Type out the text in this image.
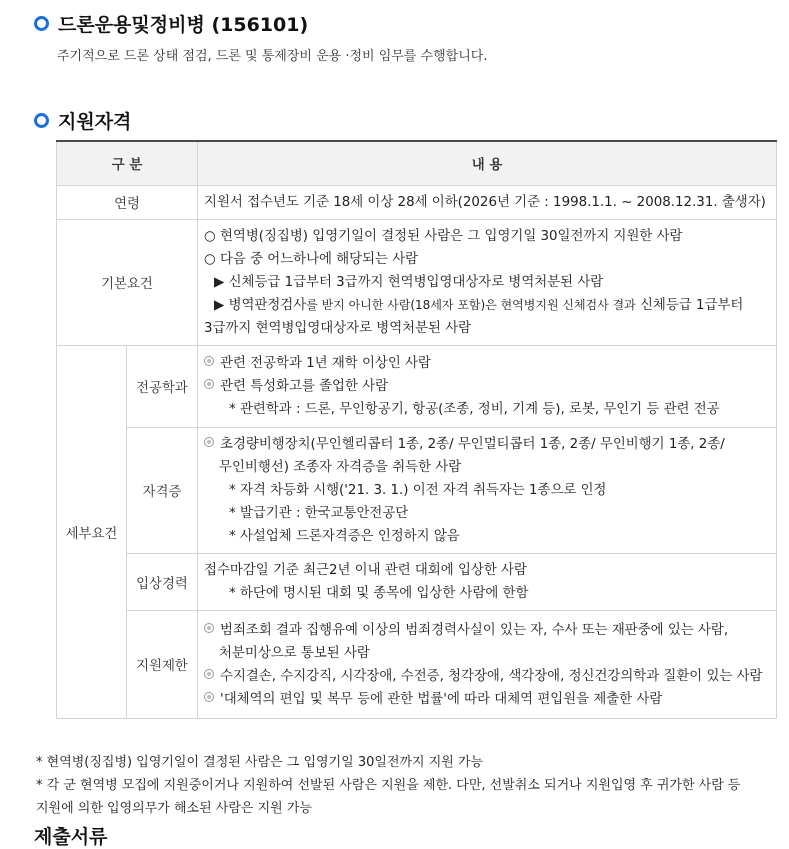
드론운용및정비병 (156101)
주기적으로 드론 상태 점검, 드론 및 통제장비 운용 ·정비 임무를 수행합니다.
지원자격
구 분		내 용
연령		지원서 접수년도 기준 18세 이상 28세 이하(2026년 기준 : 1998.1.1. ~ 2008.12.31. 출생자)

기본요건		○ 현역병(징집병) 입영기일이 결정된 사람은 그 입영기일 30일전까지 지원한 사람
○ 다음 중 어느하나에 해당되는 사람
▶ 신체등급 1급부터 3급까지 현역병입영대상자로 병역처분된 사람
▶ 병역판정검사를 받지 아니한 사람(18세자 포함)은 현역병지원 신체검사 결과 신체등급 1급부터
3급까지 현역병입영대상자로 병역처분된 사람

세부요건	전공학과	관련 전공학과 1년 재학 이상인 사람
관련 특성화고를 졸업한 사람
* 관련학과 : 드론, 무인항공기, 항공(조종, 정비, 기계 등), 로봇, 무인기 등 관련 전공

	자격증	초경량비행장치(무인헬리콥터 1종, 2종/ 무인멀티콥터 1종, 2종/ 무인비행기 1종, 2종/
무인비행선) 조종자 자격증을 취득한 사람
* 자격 차등화 시행('21. 3. 1.) 이전 자격 취득자는 1종으로 인정
* 발급기관 : 한국교통안전공단
* 사설업체 드론자격증은 인정하지 않음

	입상경력	접수마감일 기준 최근2년 이내 관련 대회에 입상한 사람
* 하단에 명시된 대회 및 종목에 입상한 사람에 한함

	지원제한	범죄조회 결과 집행유예 이상의 범죄경력사실이 있는 자, 수사 또는 재판중에 있는 사람,
처분미상으로 통보된 사람
수지결손, 수지강직, 시각장애, 수전증, 청각장애, 색각장애, 정신건강의학과 질환이 있는 사람
'대체역의 편입 및 복무 등에 관한 법률'에 따라 대체역 편입원을 제출한 사람
* 현역병(징집병) 입영기일이 결정된 사람은 그 입영기일 30일전까지 지원 가능
* 각 군 현역병 모집에 지원중이거나 지원하여 선발된 사람은 지원을 제한. 다만, 선발취소 되거나 지원입영 후 귀가한 사람 등
지원에 의한 입영의무가 해소된 사람은 지원 가능
제출서류
